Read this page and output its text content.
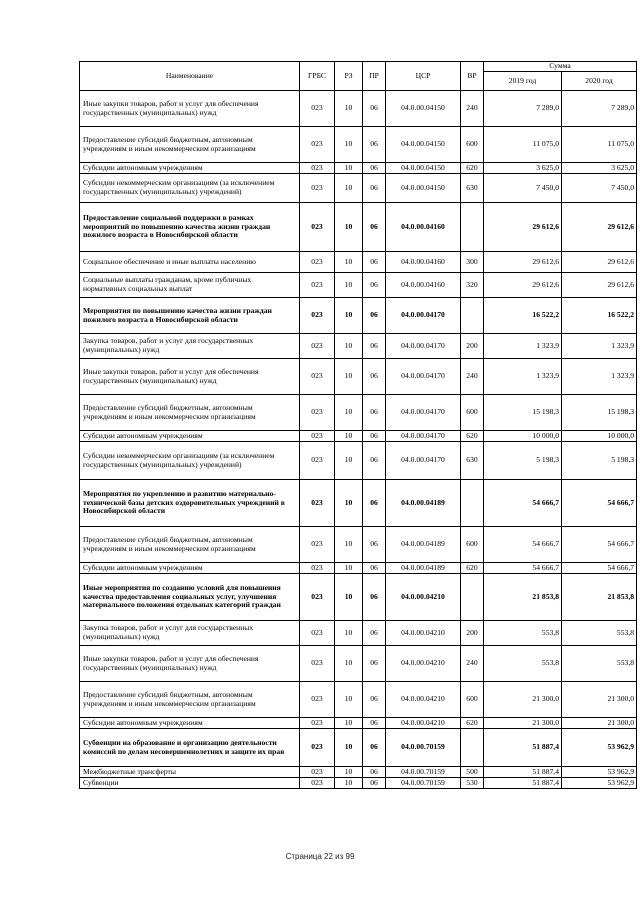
Наименование	ГРБС	РЗ	ПР	ЦСР	ВР	Сумма	
						2019 год	2020 год
Иные закупки товаров, работ и услуг для обеспечения государственных (муниципальных) нужд	023	10	06	04.0.00.04150	240	7 289,0	7 289,0
Предоставление субсидий бюджетным, автономным учреждениям и иным некоммерческим организациям	023	10	06	04.0.00.04150	600	11 075,0	11 075,0
Субсидии автономным учреждениям	023	10	06	04.0.00.04150	620	3 625,0	3 625,0
Субсидии некоммерческим организациям (за исключением государственных (муниципальных) учреждений)	023	10	06	04.0.00.04150	630	7 450,0	7 450,0
Предоставление социальной поддержки в рамках мероприятий по повышению качества жизни граждан пожилого возраста в Новосибирской области	023	10	06	04.0.00.04160		29 612,6	29 612,6
Социальное обеспечение и иные выплаты населению	023	10	06	04.0.00.04160	300	29 612,6	29 612,6
Социальные выплаты гражданам, кроме публичных нормативных социальных выплат	023	10	06	04.0.00.04160	320	29 612,6	29 612,6
Мероприятия по повышению качества жизни граждан пожилого возраста в Новосибирской области	023	10	06	04.0.00.04170		16 522,2	16 522,2
Закупка товаров, работ и услуг для государственных (муниципальных) нужд	023	10	06	04.0.00.04170	200	1 323,9	1 323,9
Иные закупки товаров, работ и услуг для обеспечения государственных (муниципальных) нужд	023	10	06	04.0.00.04170	240	1 323,9	1 323,9
Предоставление субсидий бюджетным, автономным учреждениям и иным некоммерческим организациям	023	10	06	04.0.00.04170	600	15 198,3	15 198,3
Субсидии автономным учреждениям	023	10	06	04.0.00.04170	620	10 000,0	10 000,0
Субсидии некоммерческим организациям (за исключением государственных (муниципальных) учреждений)	023	10	06	04.0.00.04170	630	5 198,3	5 198,3
Мероприятия по укреплению и развитию материально-технической базы детских оздоровительных учреждений в Новосибирской области	023	10	06	04.0.00.04189		54 666,7	54 666,7
Предоставление субсидий бюджетным, автономным учреждениям и иным некоммерческим организациям	023	10	06	04.0.00.04189	600	54 666,7	54 666,7
Субсидии автономным учреждениям	023	10	06	04.0.00.04189	620	54 666,7	54 666,7
Иные мероприятия по созданию условий для повышения качества предоставления социальных услуг, улучшения материального положения отдельных категорий граждан	023	10	06	04.0.00.04210		21 853,8	21 853,8
Закупка товаров, работ и услуг для государственных (муниципальных) нужд	023	10	06	04.0.00.04210	200	553,8	553,8
Иные закупки товаров, работ и услуг для обеспечения государственных (муниципальных) нужд	023	10	06	04.0.00.04210	240	553,8	553,8
Предоставление субсидий бюджетным, автономным учреждениям и иным некоммерческим организациям	023	10	06	04.0.00.04210	600	21 300,0	21 300,0
Субсидии автономным учреждениям	023	10	06	04.0.00.04210	620	21 300,0	21 300,0
Субвенции на образование и организацию деятельности комиссий по делам несовершеннолетних и защите их прав	023	10	06	04.0.00.70159		51 887,4	53 962,9
Межбюджетные трансферты	023	10	06	04.0.00.70159	500	51 887,4	53 962,9
Субвенции	023	10	06	04.0.00.70159	530	51 887,4	53 962,9
Страница 22 из 99
